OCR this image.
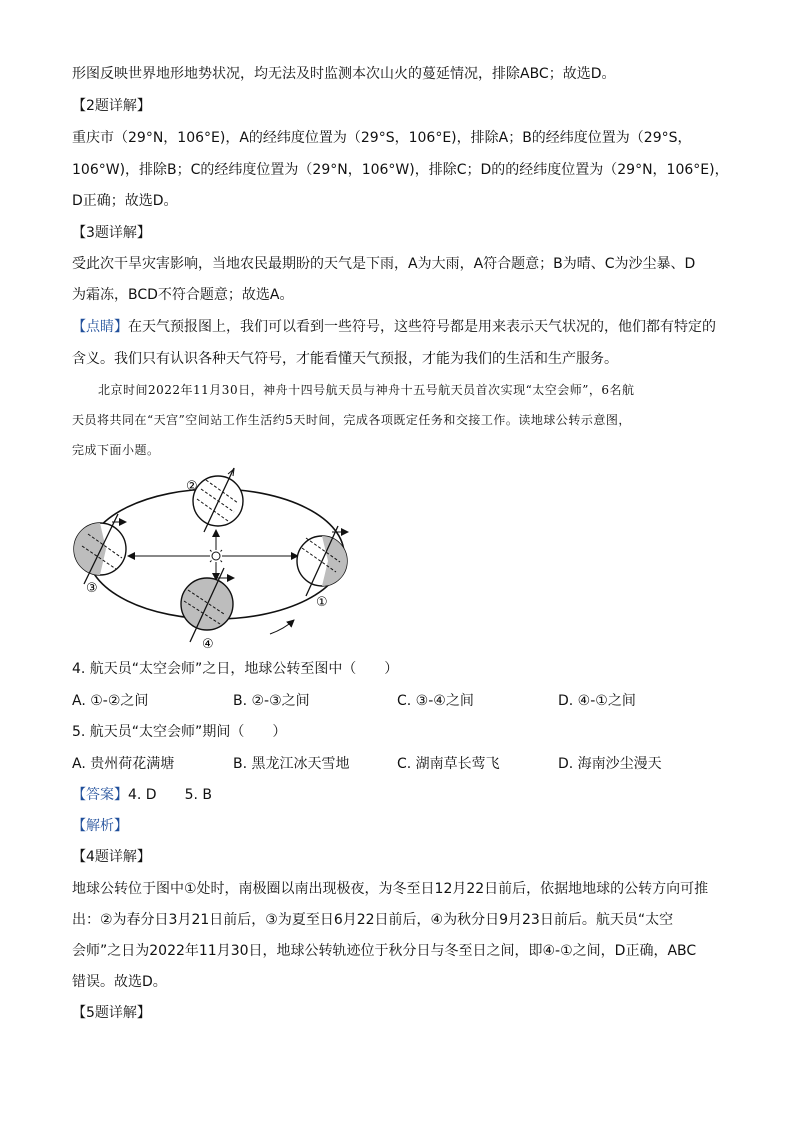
形图反映世界地形地势状况，均无法及时监测本次山火的蔓延情况，排除ABC；故选D。
【2题详解】
重庆市（29°N，106°E)，A的经纬度位置为（29°S，106°E)，排除A；B的经纬度位置为（29°S，
106°W)，排除B；C的经纬度位置为（29°N，106°W)，排除C；D的的经纬度位置为（29°N，106°E)，
D正确；故选D。
【3题详解】
受此次干旱灾害影响，当地农民最期盼的天气是下雨，A为大雨，A符合题意；B为晴、C为沙尘暴、D
为霜冻，BCD不符合题意；故选A。
【点睛】在天气预报图上，我们可以看到一些符号，这些符号都是用来表示天气状况的，他们都有特定的
含义。我们只有认识各种天气符号，才能看懂天气预报，才能为我们的生活和生产服务。
北京时间2022年11月30日，神舟十四号航天员与神舟十五号航天员首次实现“太空会师”，6名航
天员将共同在“天宫”空间站工作生活约5天时间，完成各项既定任务和交接工作。读地球公转示意图，
完成下面小题。
②
③
①
④
4. 航天员“太空会师”之日，地球公转至图中（　　）
A. ①-②之间	B. ②-③之间	C. ③-④之间	D. ④-①之间
5. 航天员“太空会师”期间（　　）
A. 贵州荷花满塘	B. 黑龙江冰天雪地	C. 湖南草长莺飞	D. 海南沙尘漫天
【答案】4. D　　5. B
【解析】
【4题详解】
地球公转位于图中①处时，南极圈以南出现极夜，为冬至日12月22日前后，依据地地球的公转方向可推
出：②为春分日3月21日前后，③为夏至日6月22日前后，④为秋分日9月23日前后。航天员“太空
会师”之日为2022年11月30日，地球公转轨迹位于秋分日与冬至日之间，即④-①之间，D正确，ABC
错误。故选D。
【5题详解】
